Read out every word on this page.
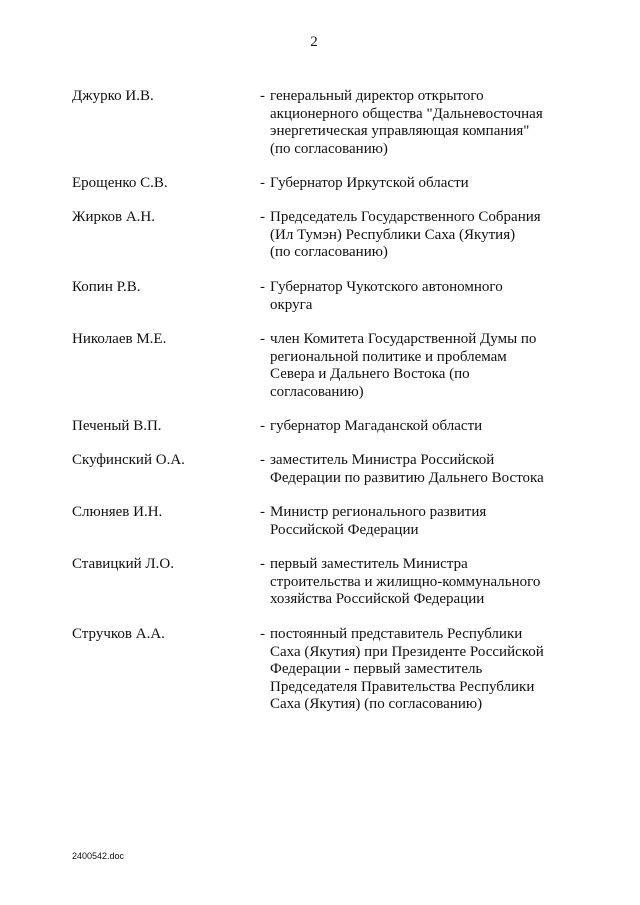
2
Джурко И.В.	- генеральный директор открытого
акционерного общества "Дальневосточная
энергетическая управляющая компания"
(по согласованию)
Ерощенко С.В.	- Губернатор Иркутской области
Жирков А.Н.	- Председатель Государственного Собрания
(Ил Тумэн) Республики Саха (Якутия)
(по согласованию)
Копин Р.В.	- Губернатор Чукотского автономного
округа
Николаев М.Е.	- член Комитета Государственной Думы по
региональной политике и проблемам
Севера и Дальнего Востока (по
согласованию)
Печеный В.П.	- губернатор Магаданской области
Скуфинский О.А.	- заместитель Министра Российской
Федерации по развитию Дальнего Востока
Слюняев И.Н.	- Министр регионального развития
Российской Федерации
Ставицкий Л.О.	- первый заместитель Министра
строительства и жилищно-коммунального
хозяйства Российской Федерации
Стручков А.А.	- постоянный представитель Республики
Саха (Якутия) при Президенте Российской
Федерации - первый заместитель
Председателя Правительства Республики
Саха (Якутия) (по согласованию)
2400542.doc
